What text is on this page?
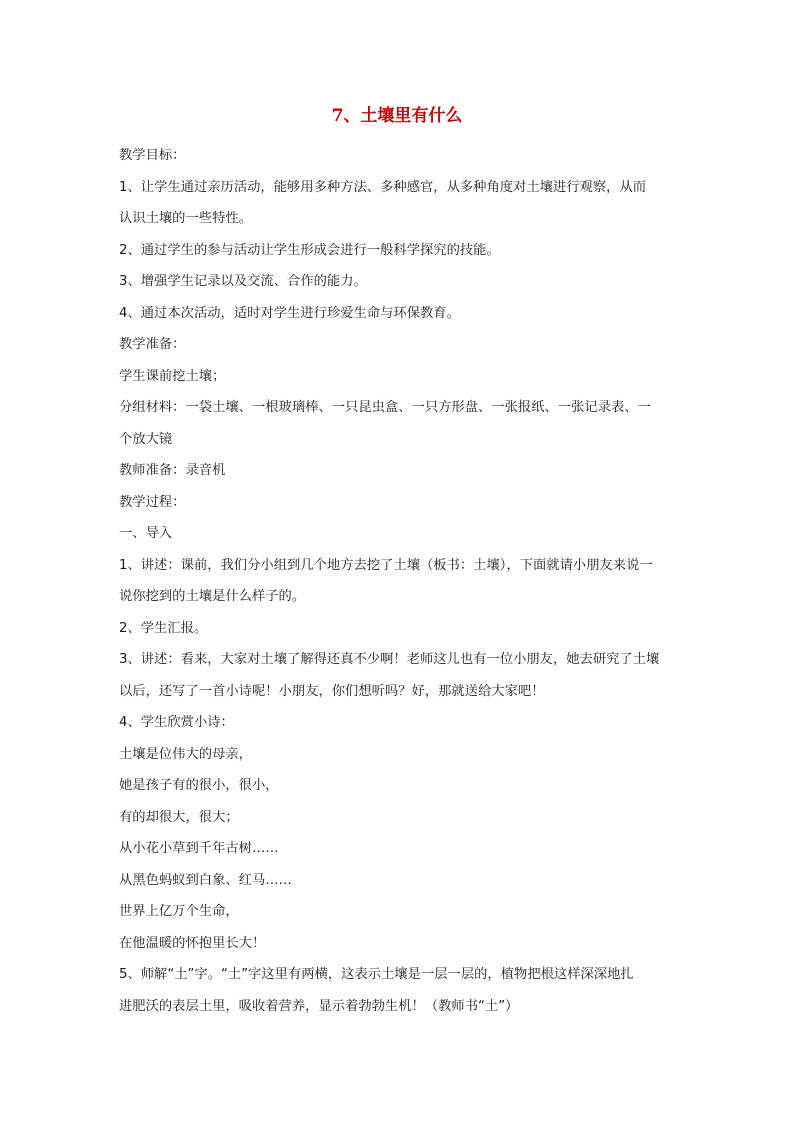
7、土壤里有什么
教学目标：
1、让学生通过亲历活动，能够用多种方法、多种感官，从多种角度对土壤进行观察，从而
认识土壤的一些特性。
2、通过学生的参与活动让学生形成会进行一般科学探究的技能。
3、增强学生记录以及交流、合作的能力。
4、通过本次活动，适时对学生进行珍爱生命与环保教育。
教学准备：
学生课前挖土壤；
分组材料：一袋土壤、一根玻璃棒、一只昆虫盒、一只方形盘、一张报纸、一张记录表、一
个放大镜
教师准备：录音机
教学过程：
一、导入
1、讲述：课前，我们分小组到几个地方去挖了土壤（板书：土壤），下面就请小朋友来说一
说你挖到的土壤是什么样子的。
2、学生汇报。
3、讲述：看来，大家对土壤了解得还真不少啊！老师这儿也有一位小朋友，她去研究了土壤
以后，还写了一首小诗呢！小朋友，你们想听吗？好，那就送给大家吧！
4、学生欣赏小诗：
土壤是位伟大的母亲，
她是孩子有的很小，很小，
有的却很大，很大；
从小花小草到千年古树……
从黑色蚂蚁到白象、红马……
世界上亿万个生命，
在他温暖的怀抱里长大！
5、师解“土”字。“土”字这里有两横，这表示土壤是一层一层的，植物把根这样深深地扎
进肥沃的表层土里，吸收着营养，显示着勃勃生机！（教师书“土”）
